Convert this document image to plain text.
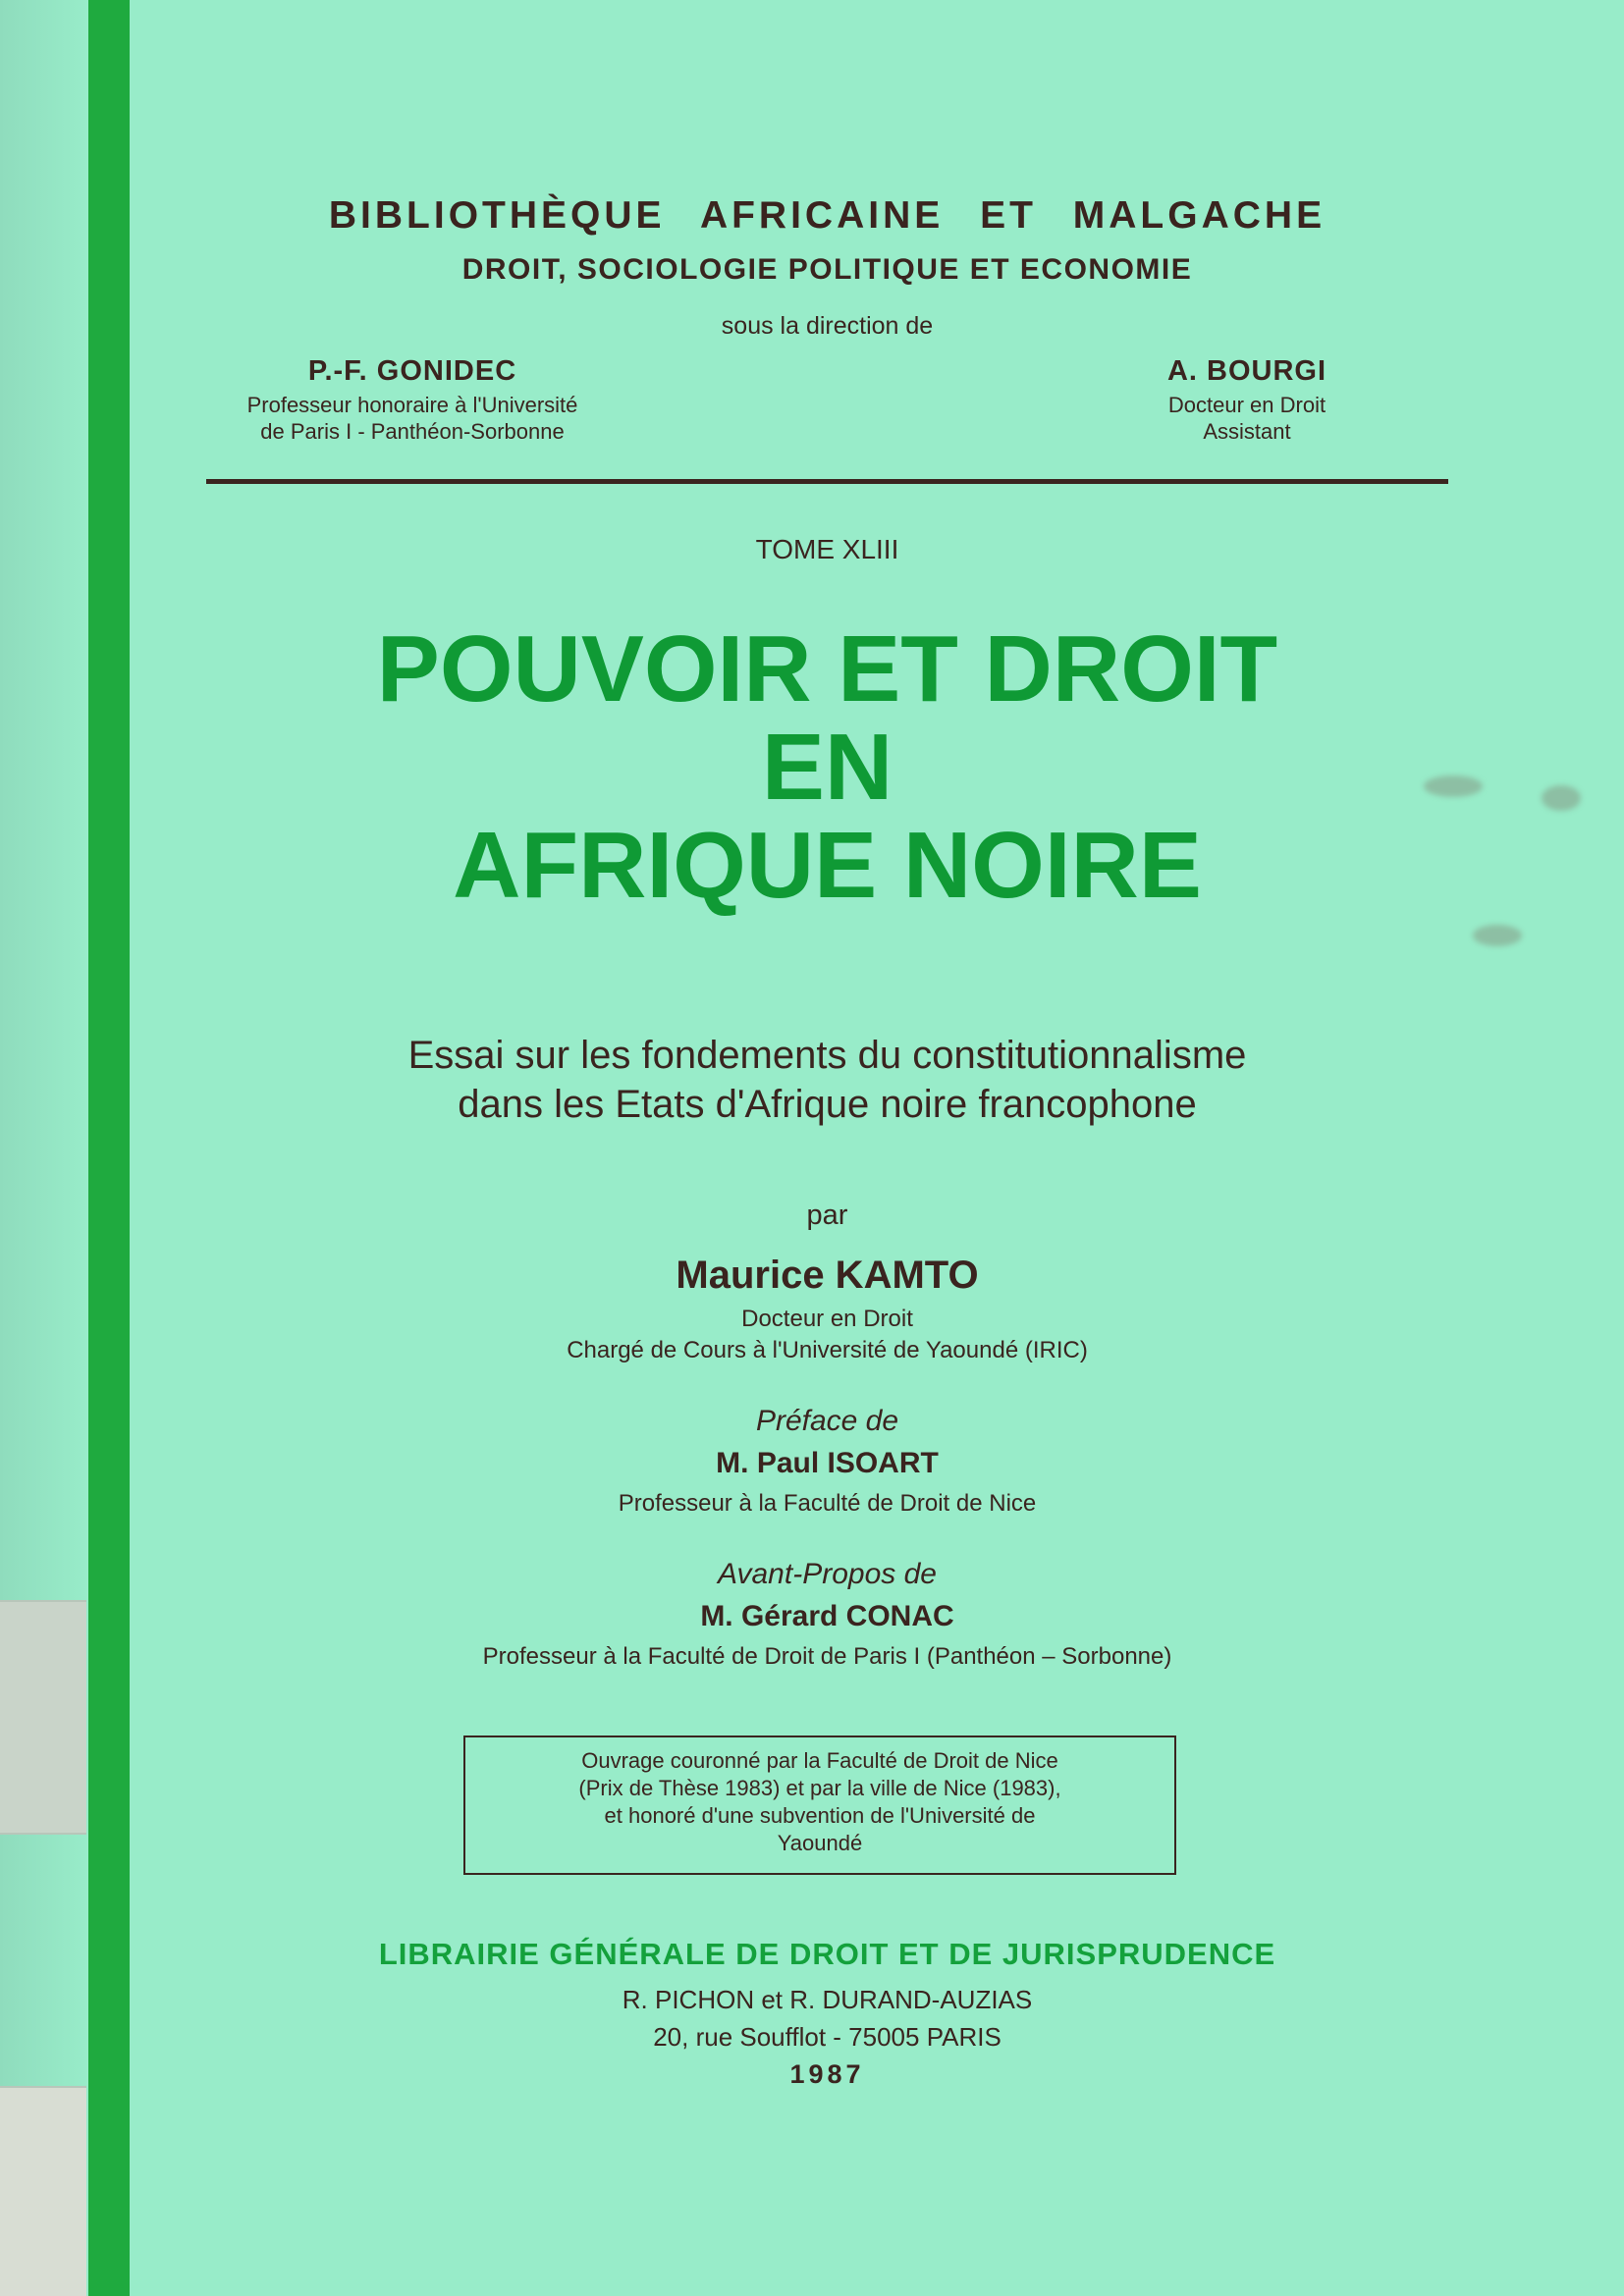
BIBLIOTHÈQUE AFRICAINE ET MALGACHE
DROIT, SOCIOLOGIE POLITIQUE ET ECONOMIE
sous la direction de
P.-F. GONIDEC
Professeur honoraire à l'Université
de Paris I - Panthéon-Sorbonne
A. BOURGI
Docteur en Droit
Assistant
TOME XLIII
POUVOIR ET DROIT
EN
AFRIQUE NOIRE
Essai sur les fondements du constitutionnalisme
dans les Etats d'Afrique noire francophone
par
Maurice KAMTO
Docteur en Droit
Chargé de Cours à l'Université de Yaoundé (IRIC)
Préface de
M. Paul ISOART
Professeur à la Faculté de Droit de Nice
Avant-Propos de
M. Gérard CONAC
Professeur à la Faculté de Droit de Paris I (Panthéon – Sorbonne)
Ouvrage couronné par la Faculté de Droit de Nice
(Prix de Thèse 1983) et par la ville de Nice (1983),
et honoré d'une subvention de l'Université de
Yaoundé
LIBRAIRIE GÉNÉRALE DE DROIT ET DE JURISPRUDENCE
R. PICHON et R. DURAND-AUZIAS
20, rue Soufflot - 75005 PARIS
1987
